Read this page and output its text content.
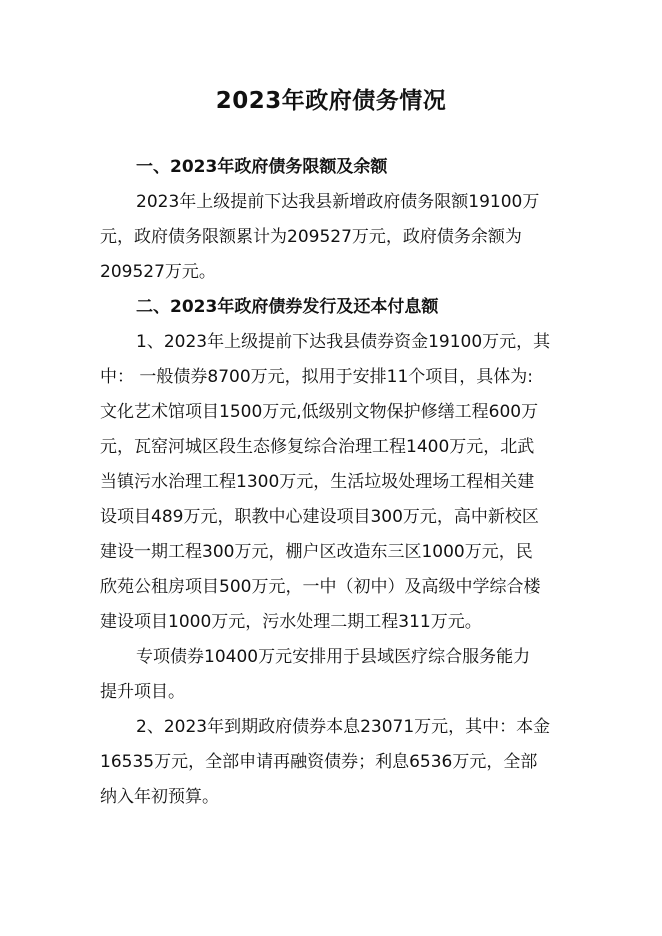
2023年政府债务情况
一、2023年政府债务限额及余额
2023年上级提前下达我县新增政府债务限额19100万
元，政府债务限额累计为209527万元，政府债务余额为
209527万元。
二、2023年政府债券发行及还本付息额
1、2023年上级提前下达我县债券资金19100万元，其
中： 一般债券8700万元，拟用于安排11个项目，具体为:
文化艺术馆项目1500万元,低级别文物保护修缮工程600万
元，瓦窑河城区段生态修复综合治理工程1400万元，北武
当镇污水治理工程1300万元，生活垃圾处理场工程相关建
设项目489万元，职教中心建设项目300万元，高中新校区
建设一期工程300万元，棚户区改造东三区1000万元，民
欣苑公租房项目500万元，一中（初中）及高级中学综合楼
建设项目1000万元，污水处理二期工程311万元。
专项债券10400万元安排用于县域医疗综合服务能力
提升项目。
2、2023年到期政府债券本息23071万元，其中：本金
16535万元，全部申请再融资债券；利息6536万元，全部
纳入年初预算。
